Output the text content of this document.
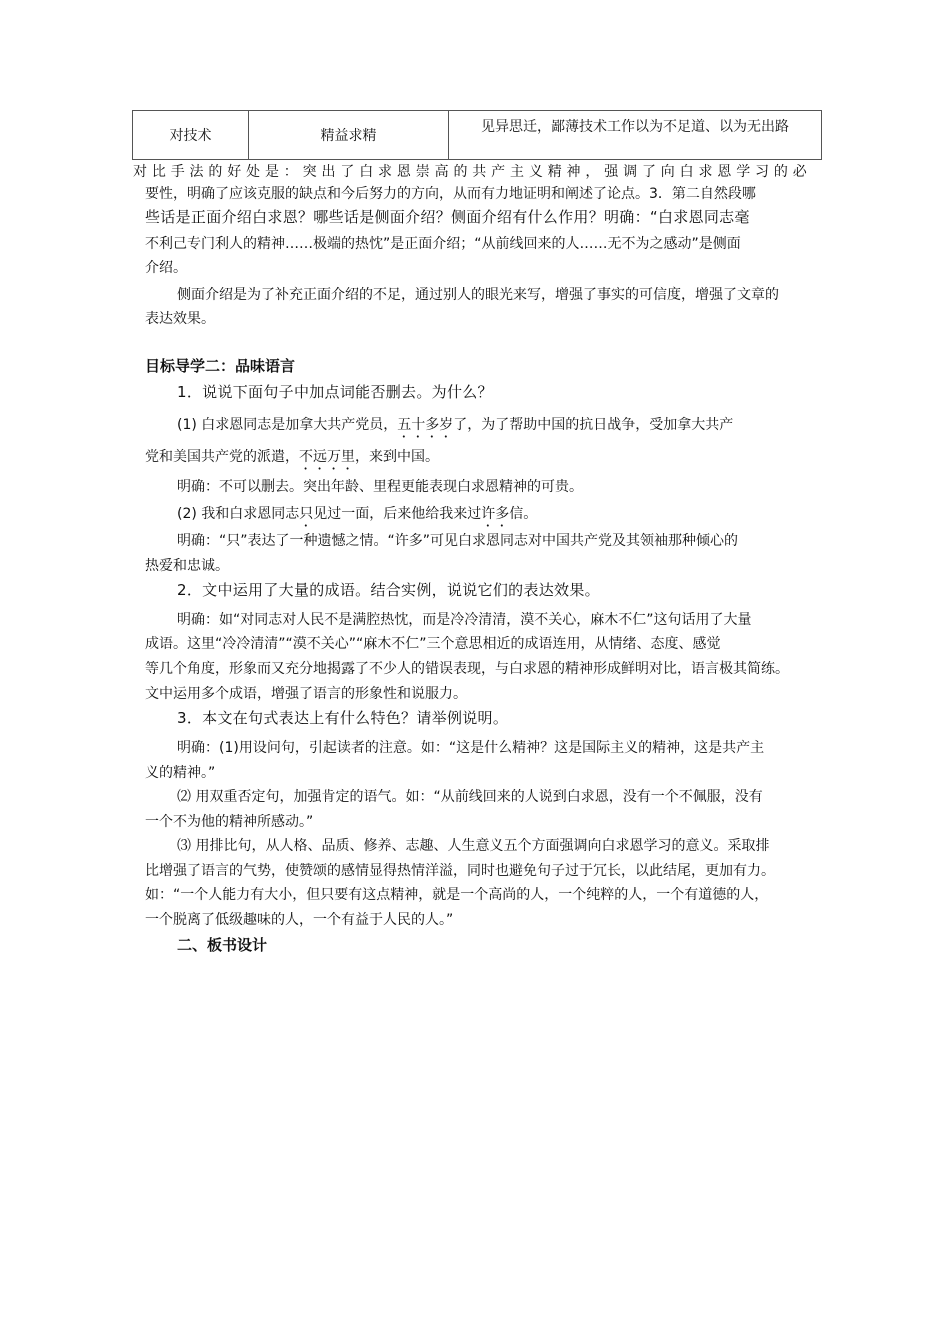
对技术	精益求精	见异思迁，鄙薄技术工作以为不足道、以为无出路
对 比 手 法 的 好 处 是 ： 突 出 了 白 求 恩 崇 高 的 共 产 主 义 精 神 ， 强 调 了 向 白 求 恩 学 习 的 必
要性，明确了应该克服的缺点和今后努力的方向，从而有力地证明和阐述了论点。3．第二自然段哪
些话是正面介绍白求恩？哪些话是侧面介绍？侧面介绍有什么作用？明确：“白求恩同志毫
不利己专门利人的精神……极端的热忱”是正面介绍；“从前线回来的人……无不为之感动”是侧面
介绍。
侧面介绍是为了补充正面介绍的不足，通过别人的眼光来写，增强了事实的可信度，增强了文章的
表达效果。
目标导学二：品味语言
1．说说下面句子中加点词能否删去。为什么？
(1) 白求恩同志是加拿大共产党员，五十多岁了，为了帮助中国的抗日战争，受加拿大共产
党和美国共产党的派遣，不远万里，来到中国。
明确：不可以删去。突出年龄、里程更能表现白求恩精神的可贵。
(2) 我和白求恩同志只见过一面，后来他给我来过许多信。
明确：“只”表达了一种遗憾之情。“许多”可见白求恩同志对中国共产党及其领袖那种倾心的
热爱和忠诚。
2．文中运用了大量的成语。结合实例，说说它们的表达效果。
明确：如“对同志对人民不是满腔热忱，而是冷冷清清，漠不关心，麻木不仁”这句话用了大量
成语。这里“冷冷清清”“漠不关心”“麻木不仁”三个意思相近的成语连用，从情绪、态度、感觉
等几个角度，形象而又充分地揭露了不少人的错误表现，与白求恩的精神形成鲜明对比，语言极其简练。
文中运用多个成语，增强了语言的形象性和说服力。
3．本文在句式表达上有什么特色？请举例说明。
明确：(1)用设问句，引起读者的注意。如：“这是什么精神？这是国际主义的精神，这是共产主
义的精神。”
⑵ 用双重否定句，加强肯定的语气。如：“从前线回来的人说到白求恩，没有一个不佩服，没有
一个不为他的精神所感动。”
⑶ 用排比句，从人格、品质、修养、志趣、人生意义五个方面强调向白求恩学习的意义。采取排
比增强了语言的气势，使赞颂的感情显得热情洋溢，同时也避免句子过于冗长，以此结尾，更加有力。
如：“一个人能力有大小，但只要有这点精神，就是一个高尚的人，一个纯粹的人，一个有道德的人，
一个脱离了低级趣味的人，一个有益于人民的人。”
二、板书设计
